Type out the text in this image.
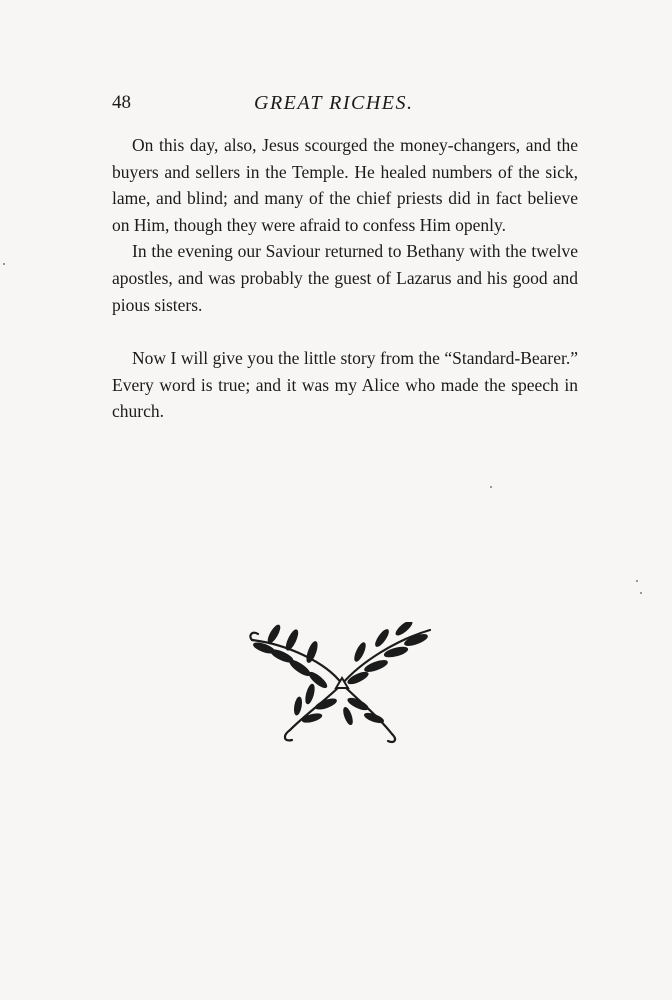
48	GREAT RICHES.

On this day, also, Jesus scourged the money-changers, and the buyers and sellers in the Temple. He healed numbers of the sick, lame, and blind; and many of the chief priests did in fact believe on Him, though they were afraid to confess Him openly.

In the evening our Saviour returned to Bethany with the twelve apostles, and was probably the guest of Lazarus and his good and pious sisters.

Now I will give you the little story from the “Standard-Bearer.” Every word is true; and it was my Alice who made the speech in church.
